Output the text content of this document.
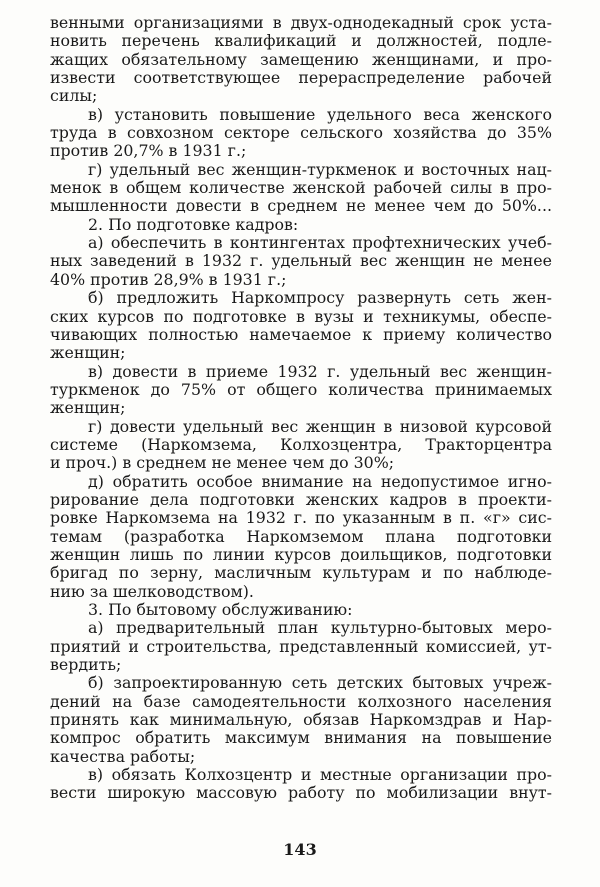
венными организациями в двух-однодекадный срок уста-
новить перечень квалификаций и должностей, подле-
жащих обязательному замещению женщинами, и про-
извести соответствующее перераспределение рабочей
силы;
в) установить повышение удельного веса женского
труда в совхозном секторе сельского хозяйства до 35%
против 20,7% в 1931 г.;
г) удельный вес женщин-туркменок и восточных нац-
менок в общем количестве женской рабочей силы в про-
мышленности довести в среднем не менее чем до 50%...
2. По подготовке кадров:
а) обеспечить в контингентах профтехнических учеб-
ных заведений в 1932 г. удельный вес женщин не менее
40% против 28,9% в 1931 г.;
б) предложить Наркомпросу развернуть сеть жен-
ских курсов по подготовке в вузы и техникумы, обеспе-
чивающих полностью намечаемое к приему количество
женщин;
в) довести в приеме 1932 г. удельный вес женщин-
туркменок до 75% от общего количества принимаемых
женщин;
г) довести удельный вес женщин в низовой курсовой
системе (Наркомзема, Колхозцентра, Тракторцентра
и проч.) в среднем не менее чем до 30%;
д) обратить особое внимание на недопустимое игно-
рирование дела подготовки женских кадров в проекти-
ровке Наркомзема на 1932 г. по указанным в п. «г» сис-
темам (разработка Наркомземом плана подготовки
женщин лишь по линии курсов доильщиков, подготовки
бригад по зерну, масличным культурам и по наблюде-
нию за шелководством).
3. По бытовому обслуживанию:
а) предварительный план культурно-бытовых меро-
приятий и строительства, представленный комиссией, ут-
вердить;
б) запроектированную сеть детских бытовых учреж-
дений на базе самодеятельности колхозного населения
принять как минимальную, обязав Наркомздрав и Нар-
компрос обратить максимум внимания на повышение
качества работы;
в) обязать Колхозцентр и местные организации про-
вести широкую массовую работу по мобилизации внут-
143
